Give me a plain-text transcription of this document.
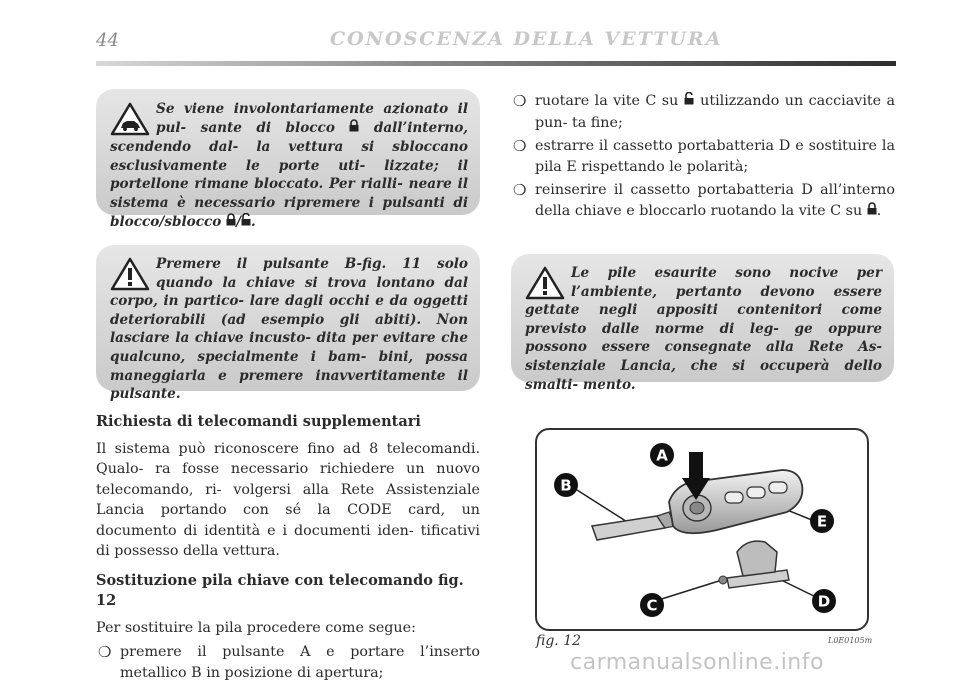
44	CONOSCENZA DELLA VETTURA

Se viene involontariamente azionato il pul- sante di blocco	dall’interno, scendendo dal- la vettura si sbloccano esclusivamente le porte uti- lizzate; il portellone rimane bloccato. Per rialli- neare il sistema è necessario ripremere i pulsanti di blocco/sblocco / .

Premere il pulsante B-fig. 11 solo quando la chiave si trova lontano dal corpo, in partico- lare dagli occhi e da oggetti deteriorabili (ad esempio gli abiti). Non lasciare la chiave incusto- dita per evitare che qualcuno, specialmente i bam- bini, possa maneggiarla e premere inavvertitamente il pulsante.

❍ ruotare la vite C su utilizzando un cacciavite a pun- ta fine;
❍ estrarre il cassetto portabatteria D e sostituire la pila E rispettando le polarità;
❍ reinserire il cassetto portabatteria D all’interno della chiave e bloccarlo ruotando la vite C su .

Le pile esaurite sono nocive per l’ambiente, pertanto devono essere gettate negli appositi contenitori come previsto dalle norme di leg- ge oppure possono essere consegnate alla Rete As- sistenziale Lancia, che si occuperà dello smalti- mento.

Richiesta di telecomandi supplementari

Il sistema può riconoscere fino ad 8 telecomandi. Qualo- ra fosse necessario richiedere un nuovo telecomando, ri- volgersi alla Rete Assistenziale Lancia portando con sé la CODE card, un documento di identità e i documenti iden- tificativi di possesso della vettura.

Sostituzione pila chiave con telecomando fig. 12

Per sostituire la pila procedere come segue:

❍ premere il pulsante A e portare l’inserto metallico B in posizione di apertura;
A
B
E
C	D
fig. 12	L0E0105m
carmanualsonline.info
